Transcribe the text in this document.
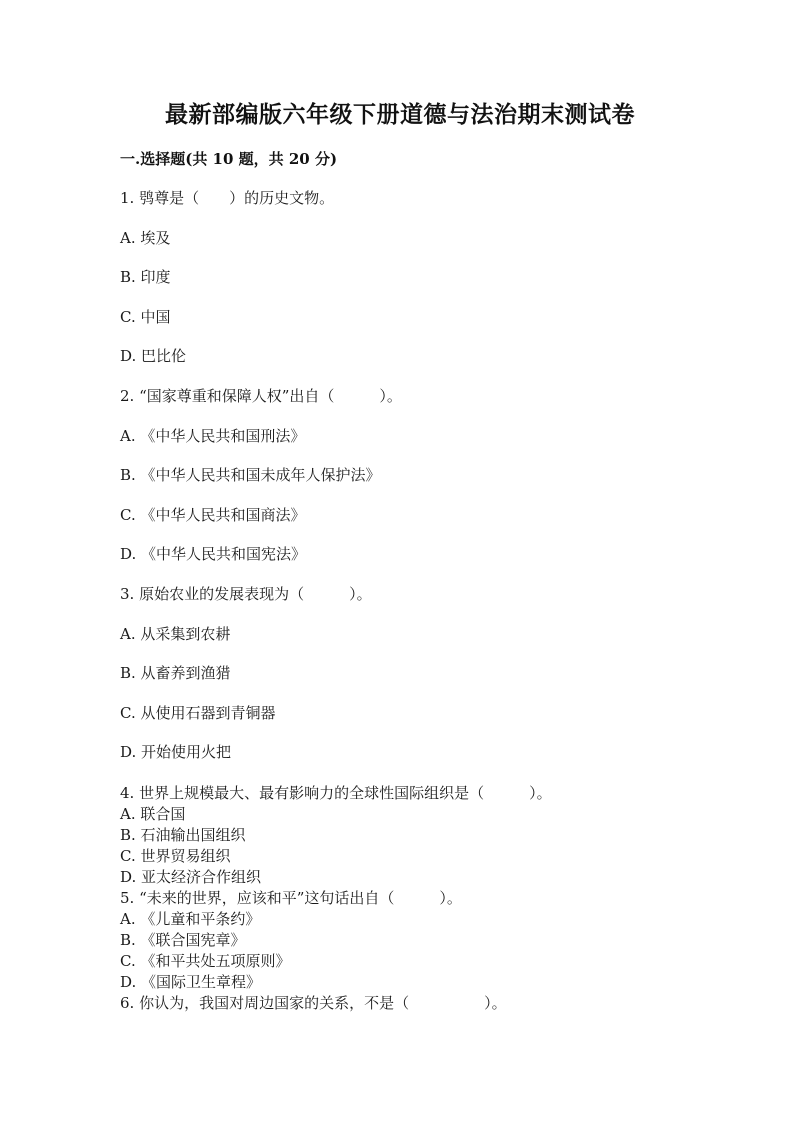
最新部编版六年级下册道德与法治期末测试卷
一.选择题(共 10 题，共 20 分)
1. 鸮尊是（　　）的历史文物。
A. 埃及
B. 印度
C. 中国
D. 巴比伦
2. “国家尊重和保障人权”出自（　　　）。
A. 《中华人民共和国刑法》
B. 《中华人民共和国未成年人保护法》
C. 《中华人民共和国商法》
D. 《中华人民共和国宪法》
3. 原始农业的发展表现为（　　　）。
A. 从采集到农耕
B. 从畜养到渔猎
C. 从使用石器到青铜器
D. 开始使用火把
4. 世界上规模最大、最有影响力的全球性国际组织是（　　　）。
A. 联合国
B. 石油输出国组织
C. 世界贸易组织
D. 亚太经济合作组织
5. “未来的世界，应该和平”这句话出自（　　　）。
A. 《儿童和平条约》
B. 《联合国宪章》
C. 《和平共处五项原则》
D. 《国际卫生章程》
6. 你认为，我国对周边国家的关系，不是（　　　　　）。
